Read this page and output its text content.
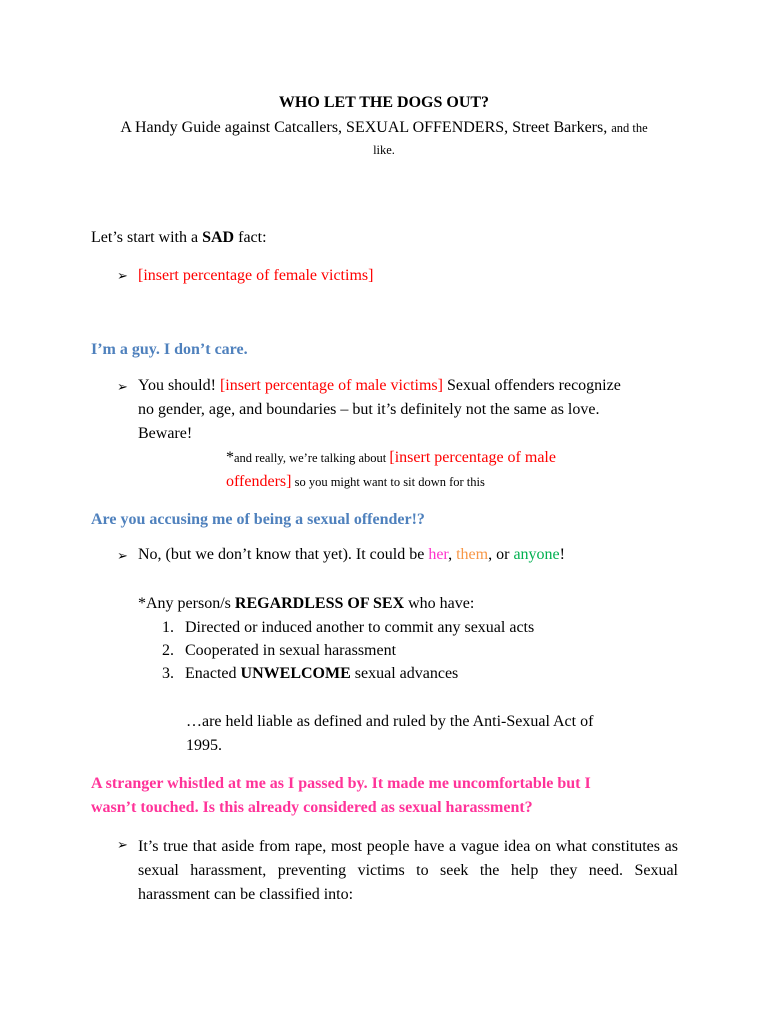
WHO LET THE DOGS OUT?
A Handy Guide against Catcallers, SEXUAL OFFENDERS, Street Barkers, and the
like.
Let’s start with a SAD fact:
➢ [insert percentage of female victims]
I’m a guy. I don’t care.
➢ You should! [insert percentage of male victims] Sexual offenders recognize
no gender, age, and boundaries – but it’s definitely not the same as love.
Beware!
*and really, we’re talking about [insert percentage of male
offenders] so you might want to sit down for this
Are you accusing me of being a sexual offender!?
➢ No, (but we don’t know that yet). It could be her, them, or anyone!
*Any person/s REGARDLESS OF SEX who have:
1. Directed or induced another to commit any sexual acts
2. Cooperated in sexual harassment
3. Enacted UNWELCOME sexual advances
…are held liable as defined and ruled by the Anti-Sexual Act of
1995.
A stranger whistled at me as I passed by. It made me uncomfortable but I
wasn’t touched. Is this already considered as sexual harassment?
➢ It’s true that aside from rape, most people have a vague idea on what constitutes as sexual harassment, preventing victims to seek the help they need. Sexual harassment can be classified into:
